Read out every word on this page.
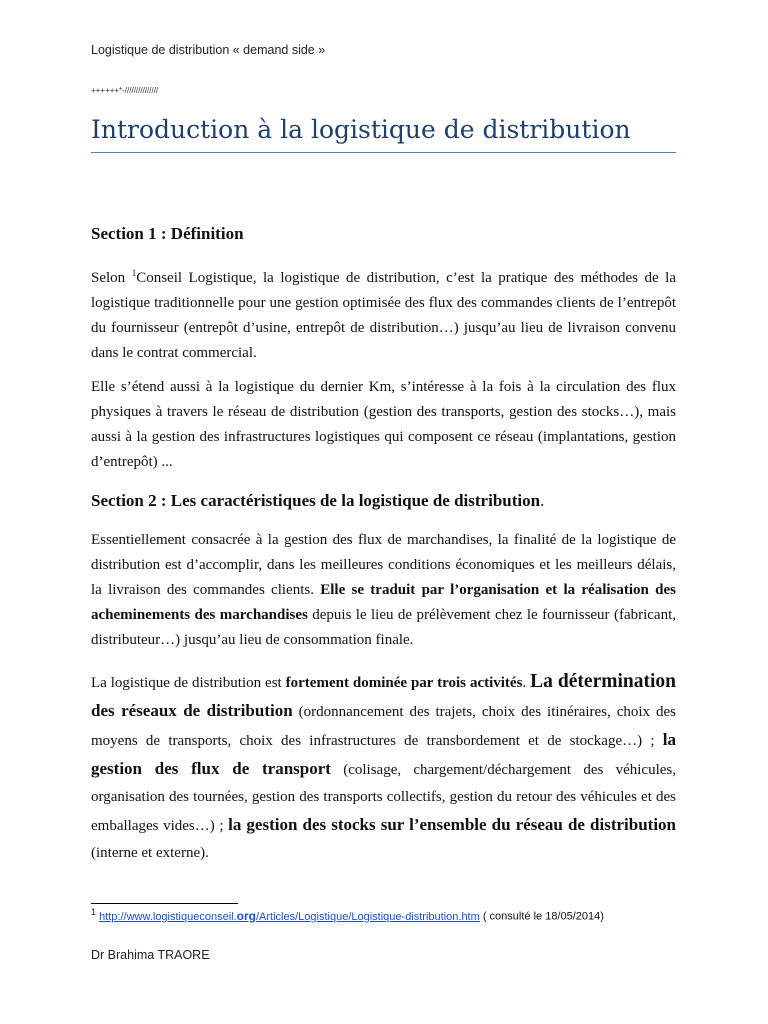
Logistique de distribution « demand side »
++++++*-///////////////
Introduction à la logistique de distribution
Section 1 : Définition

Selon $^1$Conseil Logistique, la logistique de distribution, c’est la pratique des méthodes de la logistique traditionnelle pour une gestion optimisée des flux des commandes clients de l’entrepôt du fournisseur (entrepôt d’usine, entrepôt de distribution…) jusqu’au lieu de livraison convenu dans le contrat commercial.

Elle s’étend aussi à la logistique du dernier Km, s’intéresse à la fois à la circulation des flux physiques à travers le réseau de distribution (gestion des transports, gestion des stocks…), mais aussi à la gestion des infrastructures logistiques qui composent ce réseau (implantations, gestion d’entrepôt) ...

Section 2 : Les caractéristiques de la logistique de distribution.

Essentiellement consacrée à la gestion des flux de marchandises, la finalité de la logistique de distribution est d’accomplir, dans les meilleures conditions économiques et les meilleurs délais, la livraison des commandes clients. Elle se traduit par l’organisation et la réalisation des acheminements des marchandises depuis le lieu de prélèvement chez le fournisseur (fabricant, distributeur…) jusqu’au lieu de consommation finale.

La logistique de distribution est fortement dominée par trois activités. La détermination des réseaux de distribution (ordonnancement des trajets, choix des itinéraires, choix des moyens de transports, choix des infrastructures de transbordement et de stockage…) ; la gestion des flux de transport (colisage, chargement/déchargement des véhicules, organisation des tournées, gestion des transports collectifs, gestion du retour des véhicules et des emballages vides…) ; la gestion des stocks sur l’ensemble du réseau de distribution (interne et externe).

$^1$ http://www.logistiqueconseil.org/Articles/Logistique/Logistique-distribution.htm ( consulté le 18/05/2014)
Dr Brahima TRAORE
